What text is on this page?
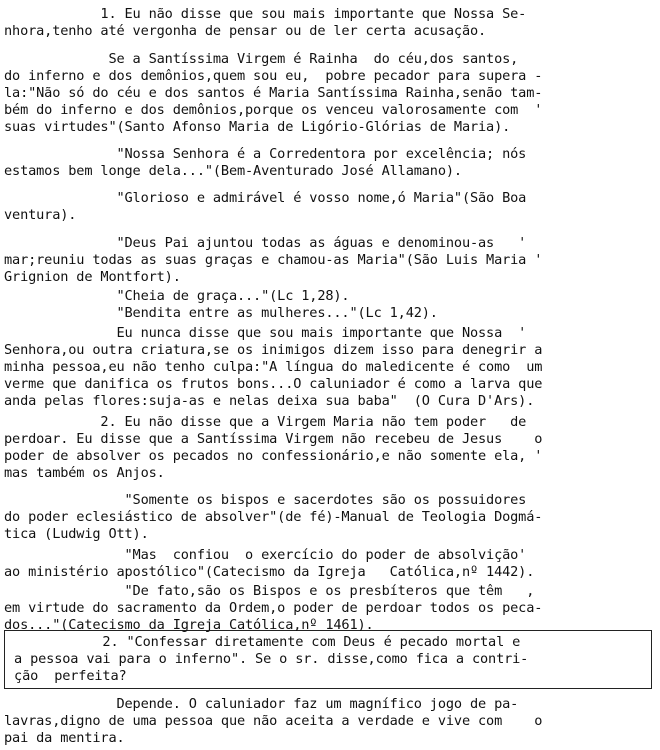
1. Eu não disse que sou mais importante que Nossa Se-
nhora,tenho até vergonha de pensar ou de ler certa acusação.
Se a Santíssima Virgem é Rainha  do céu,dos santos,
do inferno e dos demônios,quem sou eu,  pobre pecador para supera -
la:"Não só do céu e dos santos é Maria Santíssima Rainha,senão tam-
bém do inferno e dos demônios,porque os venceu valorosamente com  '
suas virtudes"(Santo Afonso Maria de Ligório-Glórias de Maria).
"Nossa Senhora é a Corredentora por excelência; nós
estamos bem longe dela..."(Bem-Aventurado José Allamano).
"Glorioso e admirável é vosso nome,ó Maria"(São Boa
ventura).
"Deus Pai ajuntou todas as águas e denominou-as   '
mar;reuniu todas as suas graças e chamou-as Maria"(São Luis Maria '
Grignion de Montfort).
"Cheia de graça..."(Lc 1,28).
"Bendita entre as mulheres..."(Lc 1,42).
Eu nunca disse que sou mais importante que Nossa  '
Senhora,ou outra criatura,se os inimigos dizem isso para denegrir a
minha pessoa,eu não tenho culpa:"A língua do maledicente é como  um
verme que danifica os frutos bons...O caluniador é como a larva que
anda pelas flores:suja-as e nelas deixa sua baba"  (O Cura D'Ars).
2. Eu não disse que a Virgem Maria não tem poder   de
perdoar. Eu disse que a Santíssima Virgem não recebeu de Jesus    o
poder de absolver os pecados no confessionário,e não somente ela, '
mas também os Anjos.
"Somente os bispos e sacerdotes são os possuidores
do poder eclesiástico de absolver"(de fé)-Manual de Teologia Dogmá-
tica (Ludwig Ott).
"Mas  confiou  o exercício do poder de absolvição'
ao ministério apostólico"(Catecismo da Igreja   Católica,nº 1442).
"De fato,são os Bispos e os presbíteros que têm   ,
em virtude do sacramento da Ordem,o poder de perdoar todos os peca-
dos..."(Catecismo da Igreja Católica,nº 1461).
2. "Confessar diretamente com Deus é pecado mortal e
a pessoa vai para o inferno". Se o sr. disse,como fica a contri-
ção  perfeita?
Depende. O caluniador faz um magnífico jogo de pa-
lavras,digno de uma pessoa que não aceita a verdade e vive com    o
pai da mentira.
